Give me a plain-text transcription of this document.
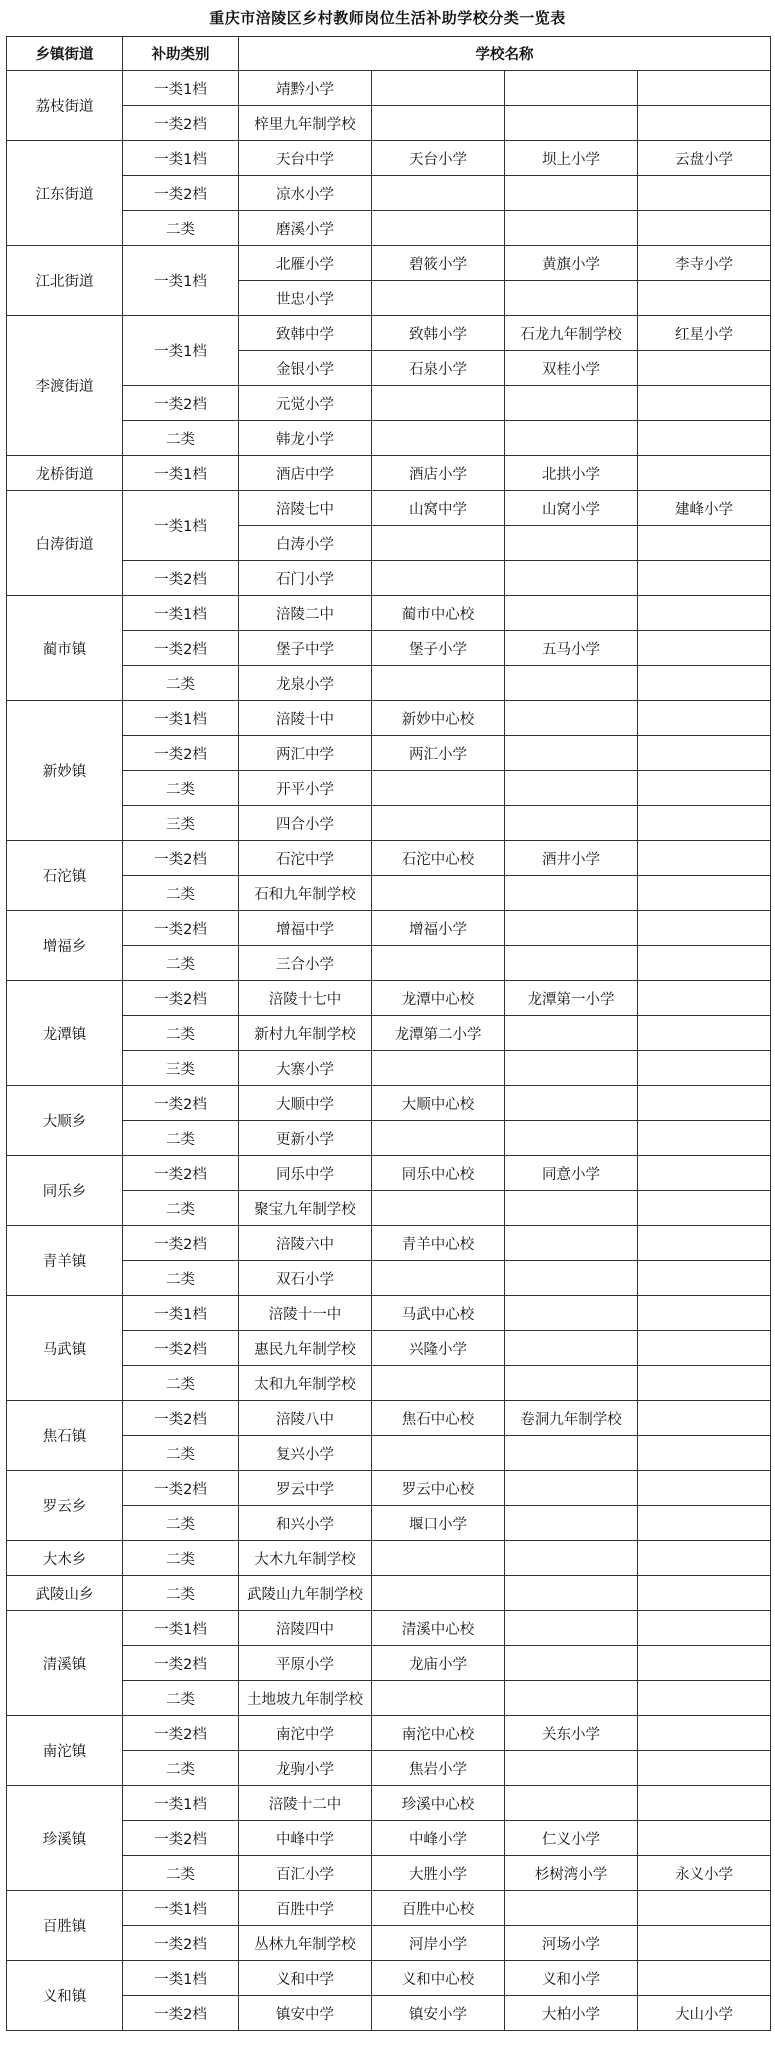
重庆市涪陵区乡村教师岗位生活补助学校分类一览表
乡镇街道	补助类别	学校名称			
荔枝街道	一类1档	靖黔小学			
	一类2档	梓里九年制学校			
江东街道	一类1档	天台中学	天台小学	坝上小学	云盘小学
	一类2档	凉水小学			
	二类	磨溪小学			
江北街道	一类1档	北雁小学	碧筱小学	黄旗小学	李寺小学
		世忠小学			
李渡街道	一类1档	致韩中学	致韩小学	石龙九年制学校	红星小学
		金银小学	石泉小学	双桂小学	
	一类2档	元觉小学			
	二类	韩龙小学			
龙桥街道	一类1档	酒店中学	酒店小学	北拱小学	
白涛街道	一类1档	涪陵七中	山窝中学	山窝小学	建峰小学
		白涛小学			
	一类2档	石门小学			
蔺市镇	一类1档	涪陵二中	蔺市中心校		
	一类2档	堡子中学	堡子小学	五马小学	
	二类	龙泉小学			
新妙镇	一类1档	涪陵十中	新妙中心校		
	一类2档	两汇中学	两汇小学		
	二类	开平小学			
	三类	四合小学			
石沱镇	一类2档	石沱中学	石沱中心校	酒井小学	
	二类	石和九年制学校			
增福乡	一类2档	增福中学	增福小学		
	二类	三合小学			
龙潭镇	一类2档	涪陵十七中	龙潭中心校	龙潭第一小学	
	二类	新村九年制学校	龙潭第二小学		
	三类	大寨小学			
大顺乡	一类2档	大顺中学	大顺中心校		
	二类	更新小学			
同乐乡	一类2档	同乐中学	同乐中心校	同意小学	
	二类	聚宝九年制学校			
青羊镇	一类2档	涪陵六中	青羊中心校		
	二类	双石小学			
马武镇	一类1档	涪陵十一中	马武中心校		
	一类2档	惠民九年制学校	兴隆小学		
	二类	太和九年制学校			
焦石镇	一类2档	涪陵八中	焦石中心校	卷洞九年制学校	
	二类	复兴小学			
罗云乡	一类2档	罗云中学	罗云中心校		
	二类	和兴小学	堰口小学		
大木乡	二类	大木九年制学校			
武陵山乡	二类	武陵山九年制学校			
清溪镇	一类1档	涪陵四中	清溪中心校		
	一类2档	平原小学	龙庙小学		
	二类	土地坡九年制学校			
南沱镇	一类2档	南沱中学	南沱中心校	关东小学	
	二类	龙驹小学	焦岩小学		
珍溪镇	一类1档	涪陵十二中	珍溪中心校		
	一类2档	中峰中学	中峰小学	仁义小学	
	二类	百汇小学	大胜小学	杉树湾小学	永义小学
百胜镇	一类1档	百胜中学	百胜中心校		
	一类2档	丛林九年制学校	河岸小学	河场小学	
义和镇	一类1档	义和中学	义和中心校	义和小学	
	一类2档	镇安中学	镇安小学	大柏小学	大山小学
